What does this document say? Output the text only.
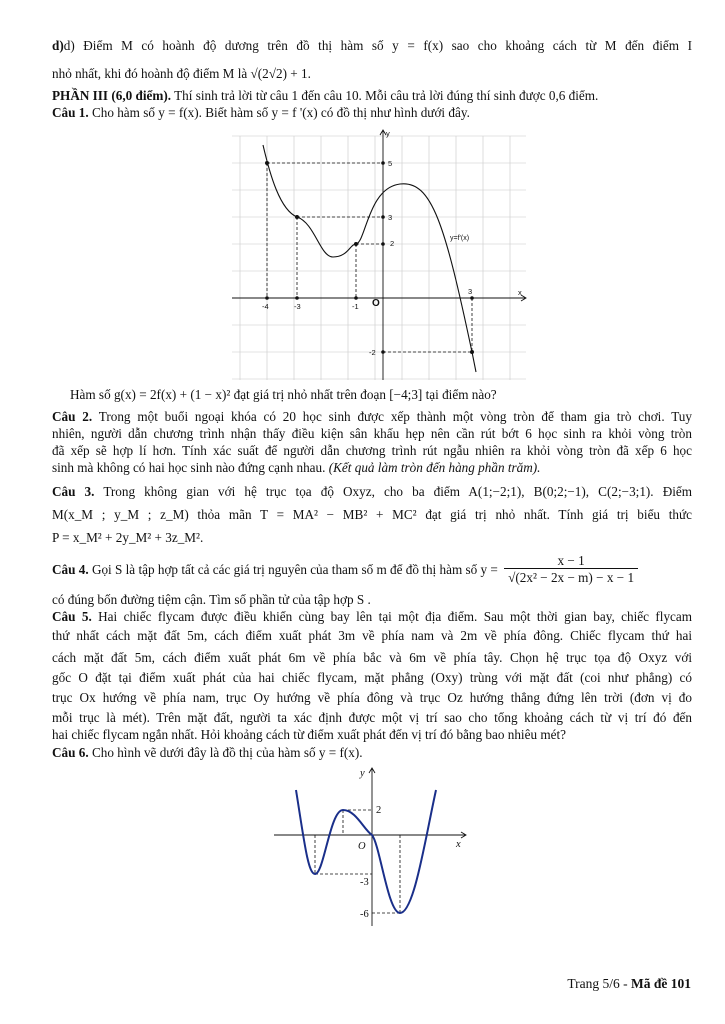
d)d) Điểm M có hoành độ dương trên đồ thị hàm số y = f(x) sao cho khoảng cách từ M đến điểm I
nhỏ nhất, khi đó hoành độ điểm M là √(2√2) + 1.
PHẦN III (6,0 điểm). Thí sinh trả lời từ câu 1 đến câu 10. Mỗi câu trả lời đúng thí sinh được 0,6 điểm.
Câu 1. Cho hàm số y = f(x). Biết hàm số y = f '(x) có đồ thị như hình dưới đây.
-4	-3	-1
3
5
3
2
-2
x
y
y=f'(x)
O
Hàm số g(x) = 2f(x) + (1 − x)² đạt giá trị nhỏ nhất trên đoạn [−4;3] tại điểm nào?
Câu 2. Trong một buổi ngoại khóa có 20 học sinh được xếp thành một vòng tròn để tham gia trò chơi. Tuy
nhiên, người dẫn chương trình nhận thấy điều kiện sân khấu hẹp nên cần rút bớt 6 học sinh ra khỏi vòng tròn
đã xếp sẽ hợp lí hơn. Tính xác suất để người dẫn chương trình rút ngẫu nhiên ra khỏi vòng tròn đã xếp 6 học
sinh mà không có hai học sinh nào đứng cạnh nhau. (Kết quả làm tròn đến hàng phần trăm).
Câu 3. Trong không gian với hệ trục tọa độ Oxyz, cho ba điểm A(1;−2;1), B(0;2;−1), C(2;−3;1). Điểm
M(x_M ; y_M ; z_M) thỏa mãn T = MA² − MB² + MC² đạt giá trị nhỏ nhất. Tính giá trị biểu thức
P = x_M² + 2y_M² + 3z_M².
Câu 4. Gọi S là tập hợp tất cả các giá trị nguyên của tham số m để đồ thị hàm số $y = \frac{x - 1}{\text{√(2x² − 2x − m) − x − 1}}$
có đúng bốn đường tiệm cận. Tìm số phần tử của tập hợp S .
Câu 5. Hai chiếc flycam được điều khiển cùng bay lên tại một địa điểm. Sau một thời gian bay, chiếc flycam
thứ nhất cách mặt đất 5m, cách điểm xuất phát 3m về phía nam và 2m về phía đông. Chiếc flycam thứ hai
cách mặt đất 5m, cách điểm xuất phát 6m về phía bắc và 6m về phía tây. Chọn hệ trục tọa độ Oxyz với
gốc O đặt tại điểm xuất phát của hai chiếc flycam, mặt phẳng (Oxy) trùng với mặt đất (coi như phẳng) có
trục Ox hướng về phía nam, trục Oy hướng về phía đông và trục Oz hướng thẳng đứng lên trời (đơn vị đo
mỗi trục là mét). Trên mặt đất, người ta xác định được một vị trí sao cho tổng khoảng cách từ vị trí đó đến
hai chiếc flycam ngắn nhất. Hỏi khoảng cách từ điểm xuất phát đến vị trí đó bằng bao nhiêu mét?
Câu 6. Cho hình vẽ dưới đây là đồ thị của hàm số y = f(x).
2
-3
-6
O	x
y
Trang 5/6 - Mã đề 101
